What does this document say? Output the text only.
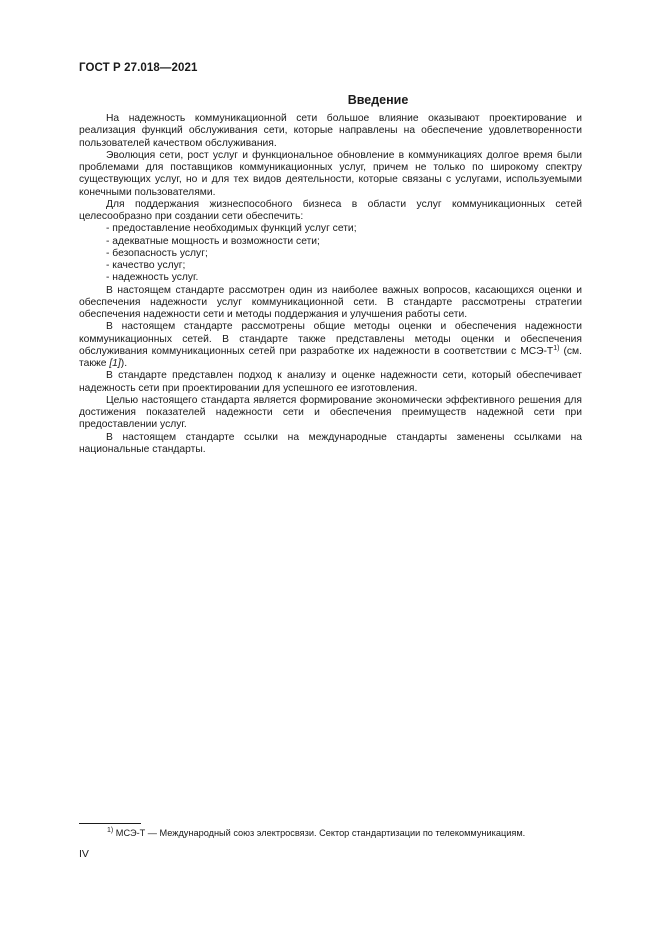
ГОСТ Р 27.018—2021
Введение

На надежность коммуникационной сети большое влияние оказывают проектирование и реализация функций обслуживания сети, которые направлены на обеспечение удовлетворенности пользователей качеством обслуживания.

Эволюция сети, рост услуг и функциональное обновление в коммуникациях долгое время были проблемами для поставщиков коммуникационных услуг, причем не только по широкому спектру существующих услуг, но и для тех видов деятельности, которые связаны с услугами, используемыми конечными пользователями.

Для поддержания жизнеспособного бизнеса в области услуг коммуникационных сетей целесообразно при создании сети обеспечить:

- предоставление необходимых функций услуг сети;
- адекватные мощность и возможности сети;
- безопасность услуг;
- качество услуг;
- надежность услуг.

В настоящем стандарте рассмотрен один из наиболее важных вопросов, касающихся оценки и обеспечения надежности услуг коммуникационной сети. В стандарте рассмотрены стратегии обеспечения надежности сети и методы поддержания и улучшения работы сети.

В настоящем стандарте рассмотрены общие методы оценки и обеспечения надежности коммуникационных сетей. В стандарте также представлены методы оценки и обеспечения обслуживания коммуникационных сетей при разработке их надежности в соответствии с МСЭ-$Т^{1)}$ (см. также [1]).

В стандарте представлен подход к анализу и оценке надежности сети, который обеспечивает надежность сети при проектировании для успешного ее изготовления.

Целью настоящего стандарта является формирование экономически эффективного решения для достижения показателей надежности сети и обеспечения преимуществ надежной сети при предоставлении услуг.

В настоящем стандарте ссылки на международные стандарты заменены ссылками на национальные стандарты.

$^{1)}$ МСЭ-Т — Международный союз электросвязи. Сектор стандартизации по телекоммуникациям.
IV
